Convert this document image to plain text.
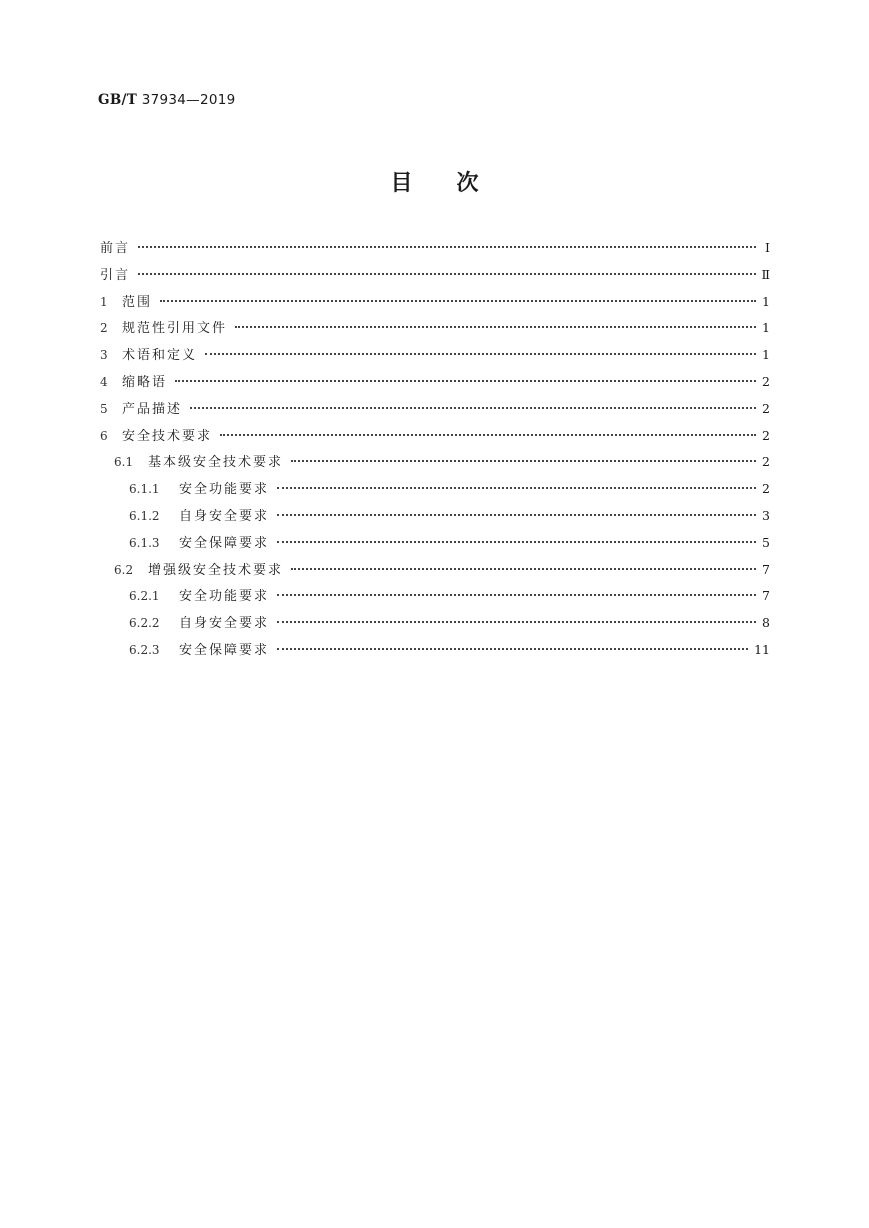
GB/T 37934—2019
目次
前言	Ⅰ
引言	Ⅱ
1	范围	1
2	规范性引用文件	1
3	术语和定义	1
4	缩略语	2
5	产品描述	2
6	安全技术要求	2
6.1	基本级安全技术要求	2
6.1.1	安全功能要求	2
6.1.2	自身安全要求	3
6.1.3	安全保障要求	5
6.2	增强级安全技术要求	7
6.2.1	安全功能要求	7
6.2.2	自身安全要求	8
6.2.3	安全保障要求	11
